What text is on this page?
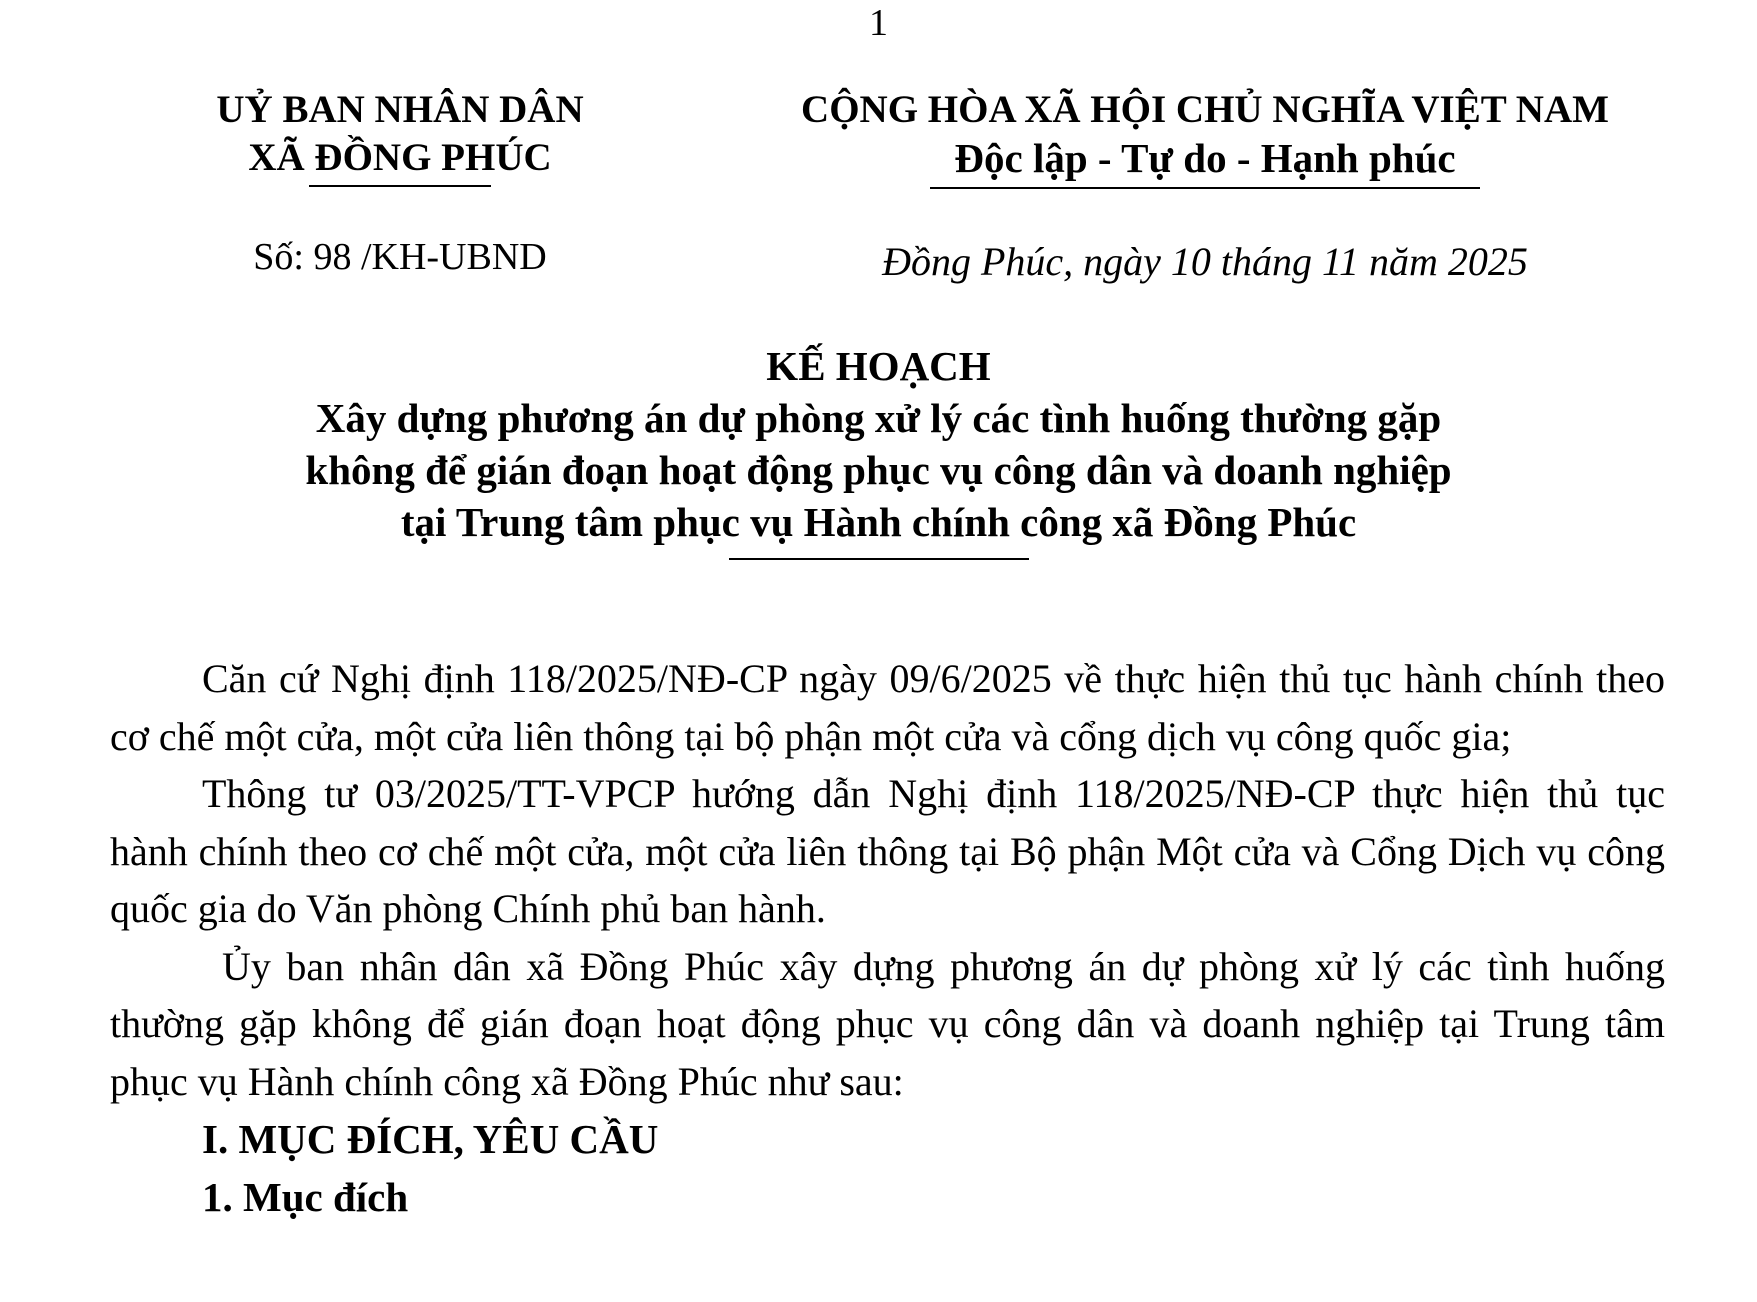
1
UỶ BAN NHÂN DÂN
XÃ ĐỒNG PHÚC
CỘNG HÒA XÃ HỘI CHỦ NGHĨA VIỆT NAM
Độc lập - Tự do - Hạnh phúc
Số: 98 /KH-UBND	Đồng Phúc, ngày 10 tháng 11 năm 2025
KẾ HOẠCH
Xây dựng phương án dự phòng xử lý các tình huống thường gặp
không để gián đoạn hoạt động phục vụ công dân và doanh nghiệp
tại Trung tâm phục vụ Hành chính công xã Đồng Phúc

Căn cứ Nghị định 118/2025/NĐ-CP ngày 09/6/2025 về thực hiện thủ tục hành chính theo cơ chế một cửa, một cửa liên thông tại bộ phận một cửa và cổng dịch vụ công quốc gia;

Thông tư 03/2025/TT-VPCP hướng dẫn Nghị định 118/2025/NĐ-CP thực hiện thủ tục hành chính theo cơ chế một cửa, một cửa liên thông tại Bộ phận Một cửa và Cổng Dịch vụ công quốc gia do Văn phòng Chính phủ ban hành.

Ủy ban nhân dân xã Đồng Phúc xây dựng phương án dự phòng xử lý các tình huống thường gặp không để gián đoạn hoạt động phục vụ công dân và doanh nghiệp tại Trung tâm phục vụ Hành chính công xã Đồng Phúc như sau:

I. MỤC ĐÍCH, YÊU CẦU
1. Mục đích
